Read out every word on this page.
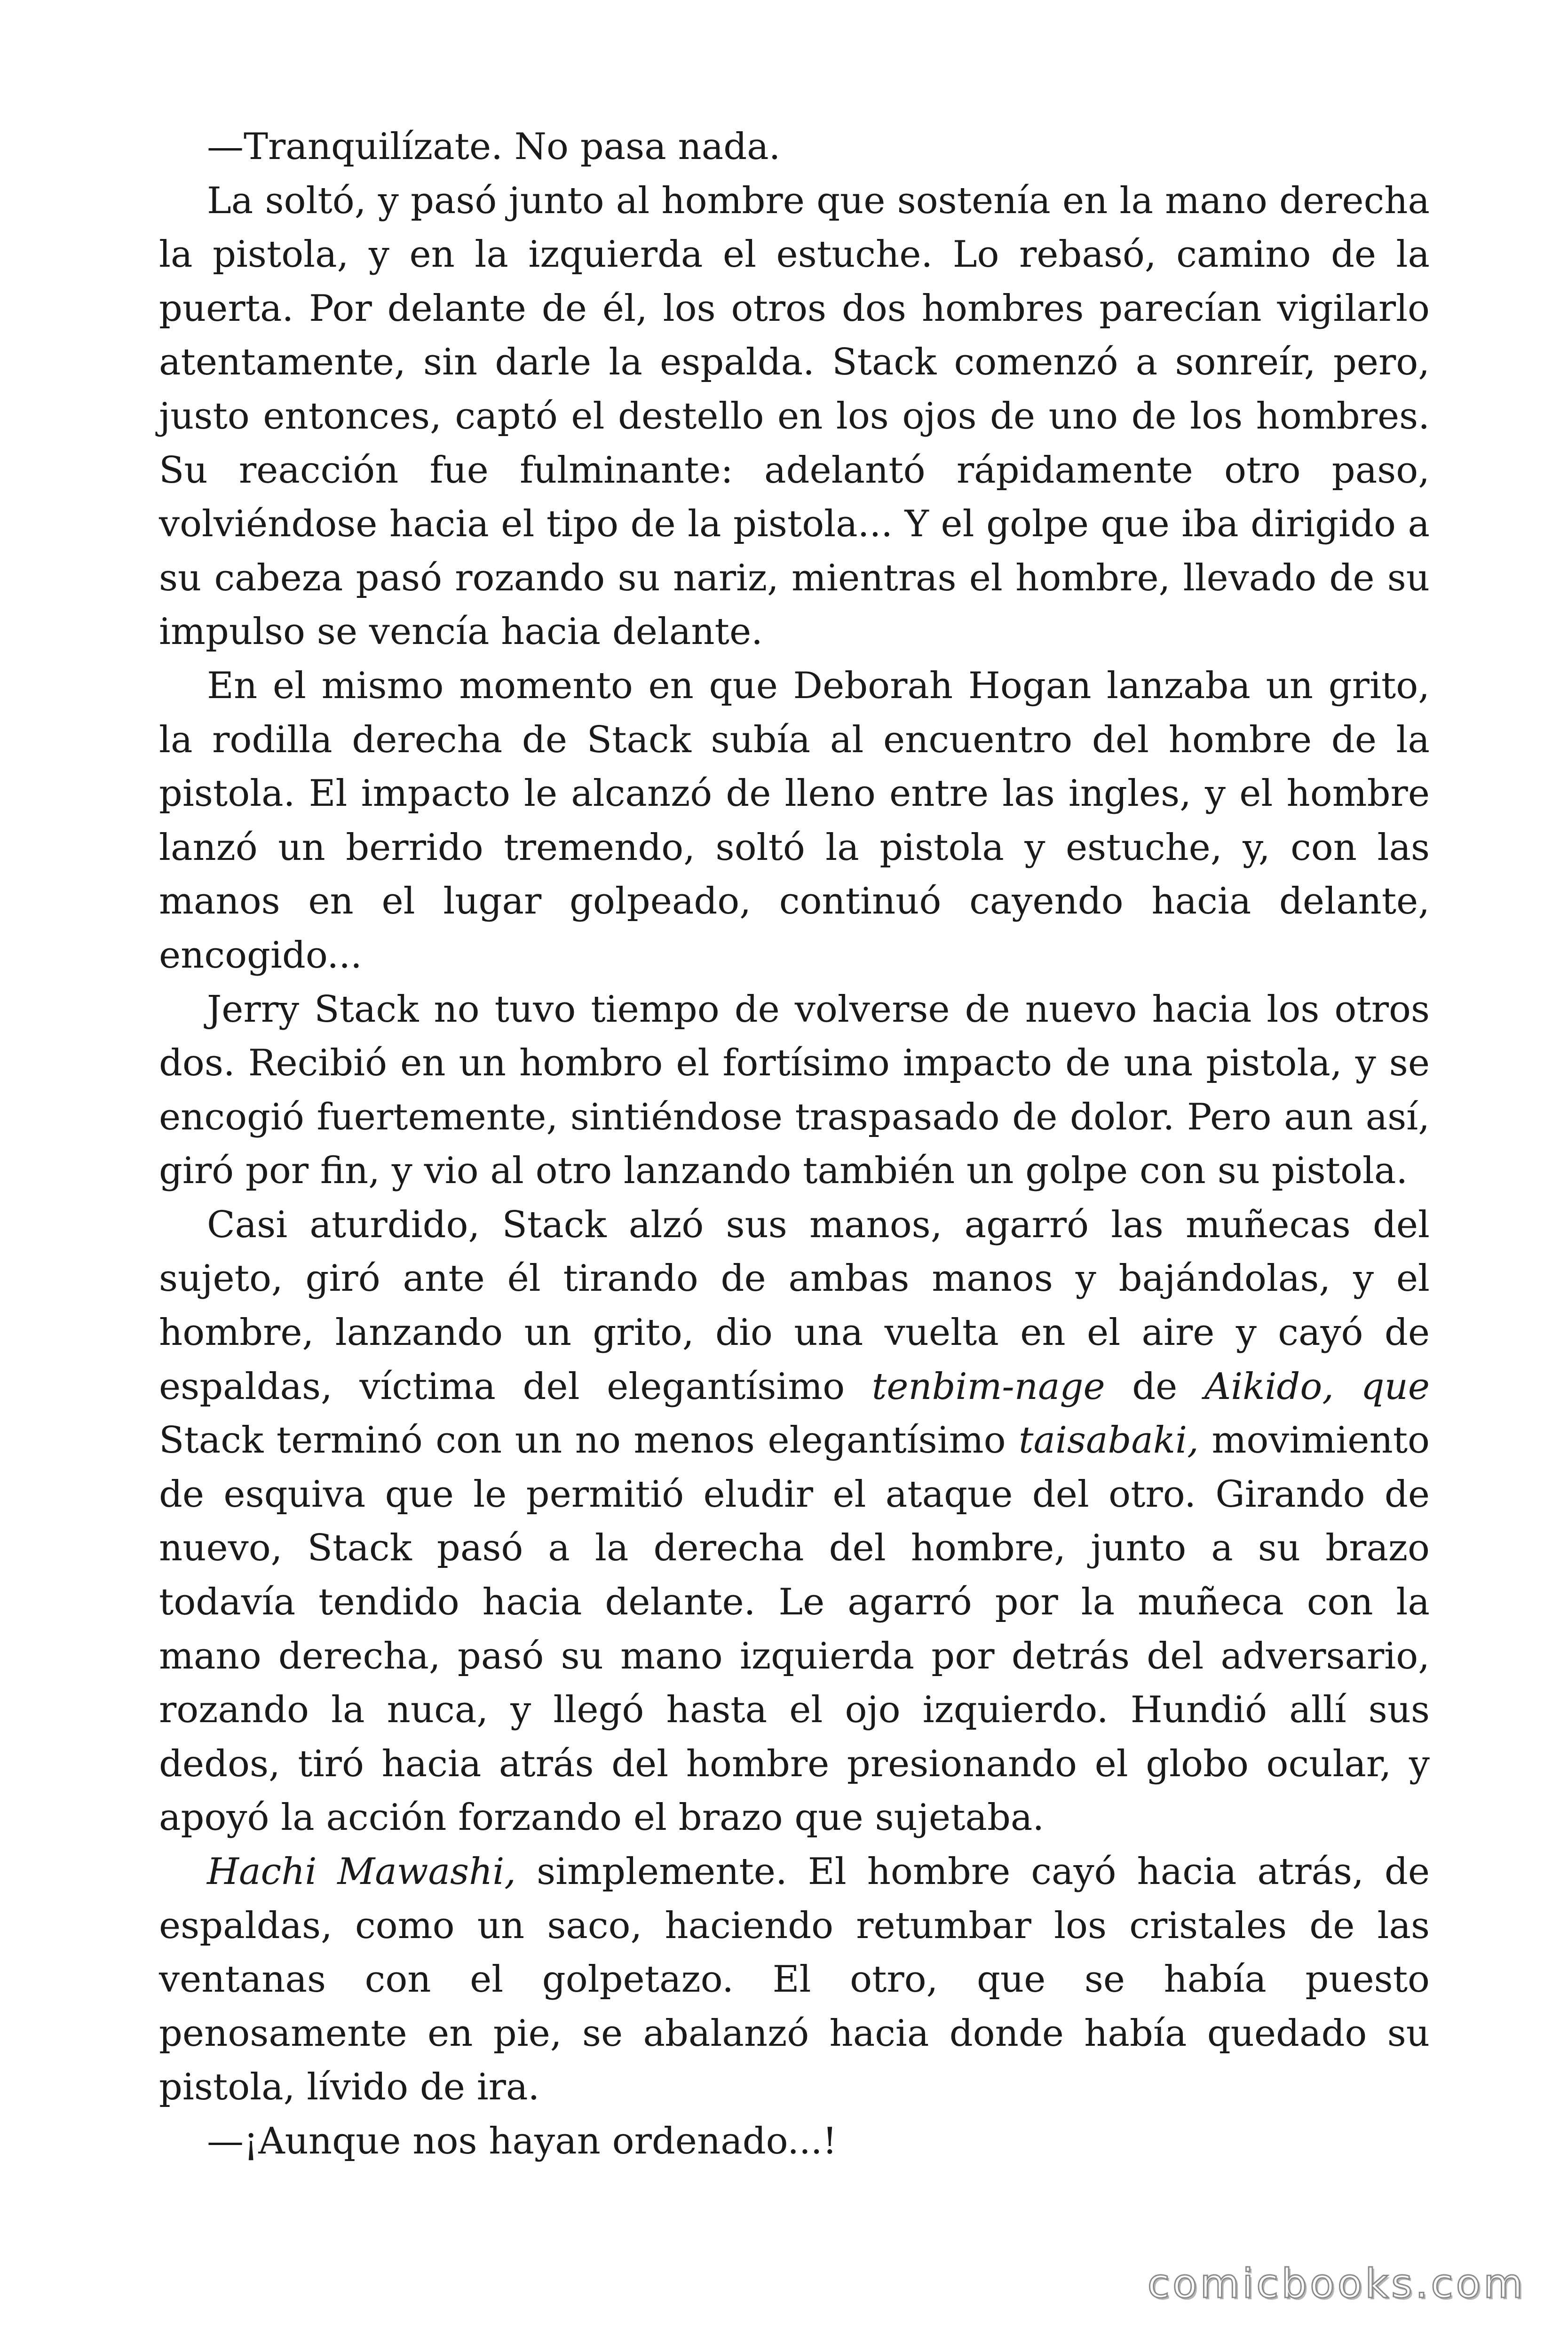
—Tranquilízate. No pasa nada.

La soltó, y pasó junto al hombre que sostenía en la mano derecha la pistola, y en la izquierda el estuche. Lo rebasó, camino de la puerta. Por delante de él, los otros dos hombres parecían vigilarlo atentamente, sin darle la espalda. Stack comenzó a sonreír, pero, justo entonces, captó el destello en los ojos de uno de los hombres. Su reacción fue fulminante: adelantó rápidamente otro paso, volviéndose hacia el tipo de la pistola... Y el golpe que iba dirigido a su cabeza pasó rozando su nariz, mientras el hombre, llevado de su impulso se vencía hacia delante.

En el mismo momento en que Deborah Hogan lanzaba un grito, la rodilla derecha de Stack subía al encuentro del hombre de la pistola. El impacto le alcanzó de lleno entre las ingles, y el hombre lanzó un berrido tremendo, soltó la pistola y estuche, y, con las manos en el lugar golpeado, continuó cayendo hacia delante, encogido...

Jerry Stack no tuvo tiempo de volverse de nuevo hacia los otros dos. Recibió en un hombro el fortísimo impacto de una pistola, y se encogió fuertemente, sintiéndose traspasado de dolor. Pero aun así, giró por fin, y vio al otro lanzando también un golpe con su pistola.

Casi aturdido, Stack alzó sus manos, agarró las muñecas del sujeto, giró ante él tirando de ambas manos y bajándolas, y el hombre, lanzando un grito, dio una vuelta en el aire y cayó de espaldas, víctima del elegantísimo tenbim-nage de Aikido, que Stack terminó con un no menos elegantísimo taisabaki, movimiento de esquiva que le permitió eludir el ataque del otro. Girando de nuevo, Stack pasó a la derecha del hombre, junto a su brazo todavía tendido hacia delante. Le agarró por la muñeca con la mano derecha, pasó su mano izquierda por detrás del adversario, rozando la nuca, y llegó hasta el ojo izquierdo. Hundió allí sus dedos, tiró hacia atrás del hombre presionando el globo ocular, y apoyó la acción forzando el brazo que sujetaba.

Hachi Mawashi, simplemente. El hombre cayó hacia atrás, de espaldas, como un saco, haciendo retumbar los cristales de las ventanas con el golpetazo. El otro, que se había puesto penosamente en pie, se abalanzó hacia donde había quedado su pistola, lívido de ira.

—¡Aunque nos hayan ordenado...!

comicbooks.com
